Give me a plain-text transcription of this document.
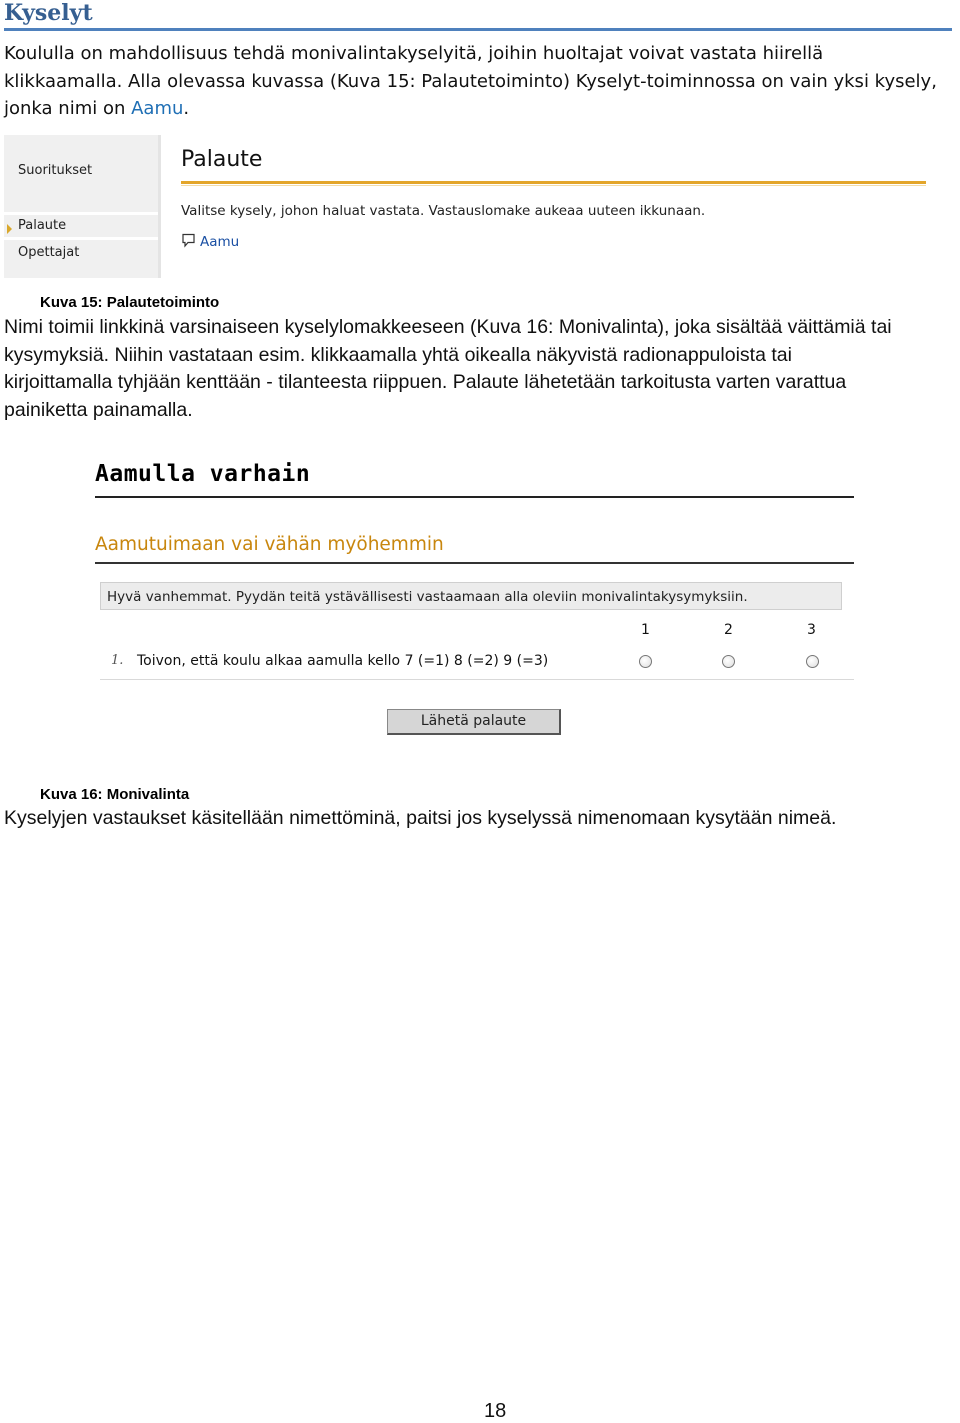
Kyselyt
Koululla on mahdollisuus tehdä monivalintakyselyitä, joihin huoltajat voivat vastata hiirellä
klikkaamalla. Alla olevassa kuvassa (Kuva 15: Palautetoiminto) Kyselyt-toiminnossa on vain yksi kysely,
jonka nimi on Aamu.
Suoritukset
Palaute
Opettajat
Palaute
Valitse kysely, johon haluat vastata. Vastauslomake aukeaa uuteen ikkunaan.
Aamu
Kuva 15: Palautetoiminto
Nimi toimii linkkinä varsinaiseen kyselylomakkeeseen (Kuva 16: Monivalinta), joka sisältää väittämiä tai
kysymyksiä. Niihin vastataan esim. klikkaamalla yhtä oikealla näkyvistä radionappuloista tai
kirjoittamalla tyhjään kenttään - tilanteesta riippuen. Palaute lähetetään tarkoitusta varten varattua
painiketta painamalla.
Aamulla varhain
Aamutuimaan vai vähän myöhemmin
Hyvä vanhemmat. Pyydän teitä ystävällisesti vastaamaan alla oleviin monivalintakysymyksiin.
1	2	3
1. Toivon, että koulu alkaa aamulla kello 7 (=1) 8 (=2) 9 (=3)
Lähetä palaute
Kuva 16: Monivalinta
Kyselyjen vastaukset käsitellään nimettöminä, paitsi jos kyselyssä nimenomaan kysytään nimeä.
18
